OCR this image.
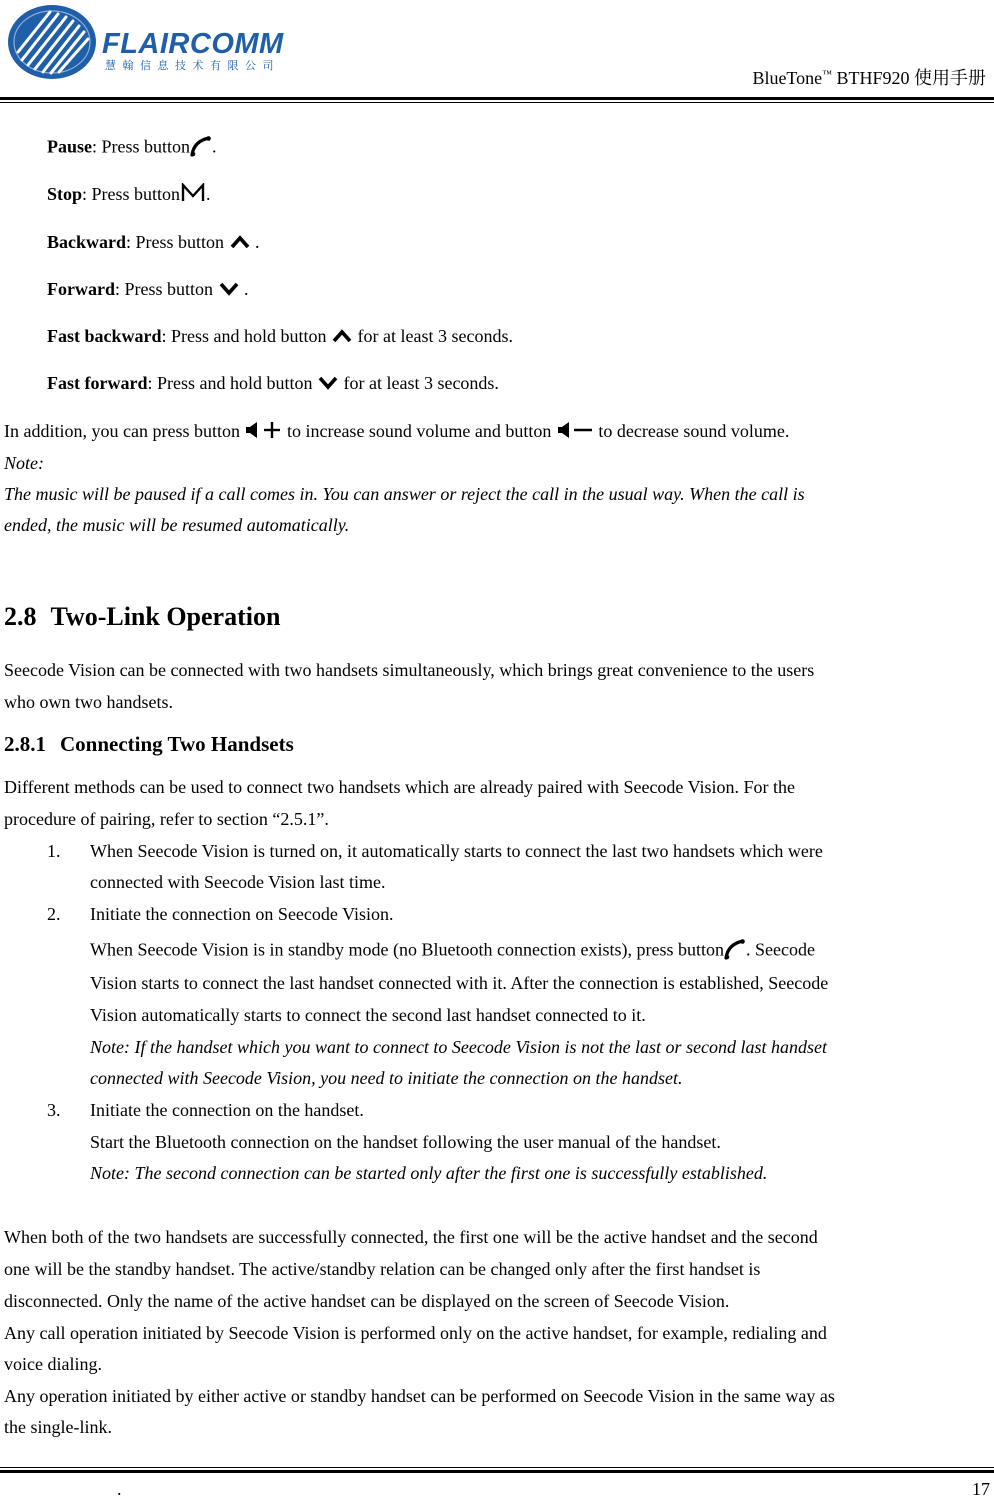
FLAIRCOMM
慧翰信息技术有限公司
BlueTone™ BTHF920 使用手册
Pause: Press button .
Stop: Press button .
Backward: Press button  .
Forward: Press button  .
Fast backward: Press and hold button  for at least 3 seconds.
Fast forward: Press and hold button  for at least 3 seconds.
In addition, you can press button  to increase sound volume and button  to decrease sound volume.
Note:
The music will be paused if a call comes in. You can answer or reject the call in the usual way. When the call is
ended, the music will be resumed automatically.
2.8 Two-Link Operation
Seecode Vision can be connected with two handsets simultaneously, which brings great convenience to the users
who own two handsets.
2.8.1 Connecting Two Handsets
Different methods can be used to connect two handsets which are already paired with Seecode Vision. For the
procedure of pairing, refer to section “2.5.1”.
1. When Seecode Vision is turned on, it automatically starts to connect the last two handsets which were
connected with Seecode Vision last time.
2. Initiate the connection on Seecode Vision.
When Seecode Vision is in standby mode (no Bluetooth connection exists), press button . Seecode
Vision starts to connect the last handset connected with it. After the connection is established, Seecode
Vision automatically starts to connect the second last handset connected to it.
Note: If the handset which you want to connect to Seecode Vision is not the last or second last handset
connected with Seecode Vision, you need to initiate the connection on the handset.
3. Initiate the connection on the handset.
Start the Bluetooth connection on the handset following the user manual of the handset.
Note: The second connection can be started only after the first one is successfully established.
When both of the two handsets are successfully connected, the first one will be the active handset and the second
one will be the standby handset. The active/standby relation can be changed only after the first handset is
disconnected. Only the name of the active handset can be displayed on the screen of Seecode Vision.
Any call operation initiated by Seecode Vision is performed only on the active handset, for example, redialing and
voice dialing.
Any operation initiated by either active or standby handset can be performed on Seecode Vision in the same way as
the single-link.
.	17
